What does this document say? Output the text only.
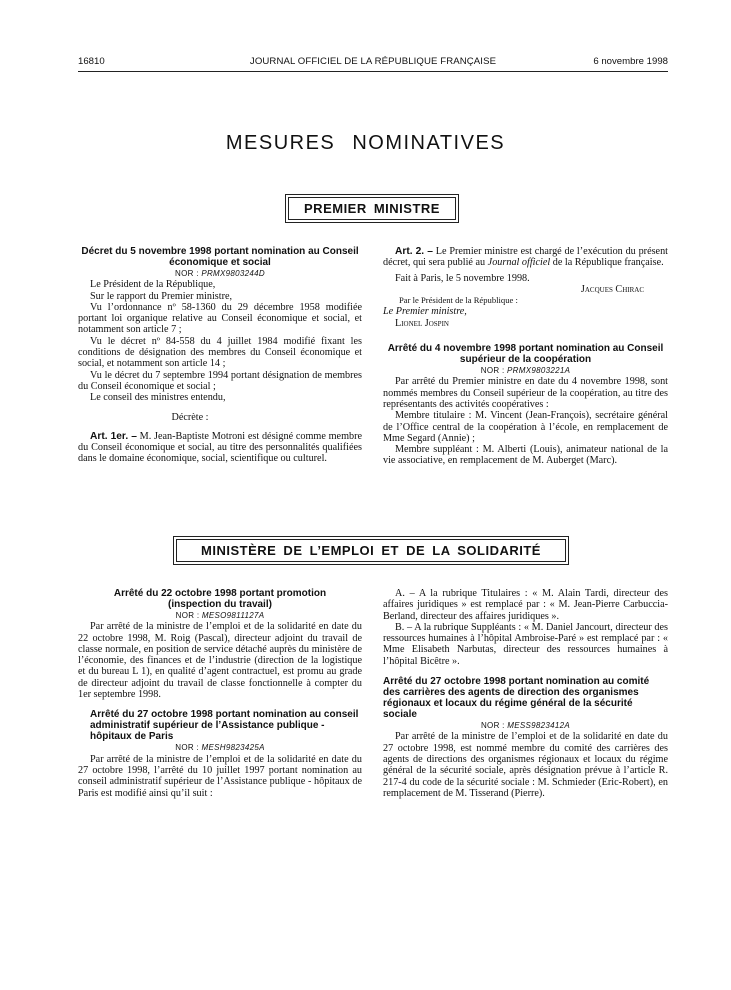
16810	JOURNAL OFFICIEL DE LA RÉPUBLIQUE FRANÇAISE	6 novembre 1998
MESURES NOMINATIVES
PREMIER MINISTRE

Décret du 5 novembre 1998 portant nomination au Conseil économique et social

NOR : PRMX9803244D

Le Président de la République,

Sur le rapport du Premier ministre,

Vu l’ordonnance nº 58-1360 du 29 décembre 1958 modifiée portant loi organique relative au Conseil économique et social, et notamment son article 7 ;

Vu le décret nº 84-558 du 4 juillet 1984 modifié fixant les conditions de désignation des membres du Conseil économique et social, et notamment son article 14 ;

Vu le décret du 7 septembre 1994 portant désignation de membres du Conseil économique et social ;

Le conseil des ministres entendu,

Décrète :

Art. 1er. – M. Jean-Baptiste Motroni est désigné comme membre du Conseil économique et social, au titre des personnalités qualifiées dans le domaine économique, social, scientifique ou culturel.

Art. 2. – Le Premier ministre est chargé de l’exécution du présent décret, qui sera publié au Journal officiel de la République française.

Fait à Paris, le 5 novembre 1998.

Jacques Chirac

Par le Président de la République :

Le Premier ministre,

Lionel Jospin

Arrêté du 4 novembre 1998 portant nomination au Conseil supérieur de la coopération

NOR : PRMX9803221A

Par arrêté du Premier ministre en date du 4 novembre 1998, sont nommés membres du Conseil supérieur de la coopération, au titre des représentants des activités coopératives :

Membre titulaire : M. Vincent (Jean-François), secrétaire général de l’Office central de la coopération à l’école, en remplacement de Mme Segard (Annie) ;

Membre suppléant : M. Alberti (Louis), animateur national de la vie associative, en remplacement de M. Auberget (Marc).

MINISTÈRE DE L’EMPLOI ET DE LA SOLIDARITÉ

Arrêté du 22 octobre 1998 portant promotion (inspection du travail)

NOR : MESO9811127A

Par arrêté de la ministre de l’emploi et de la solidarité en date du 22 octobre 1998, M. Roig (Pascal), directeur adjoint du travail de classe normale, en position de service détaché auprès du ministère de l’économie, des finances et de l’industrie (direction de la logistique et du bureau L 1), en qualité d’agent contractuel, est promu au grade de directeur adjoint du travail de classe fonctionnelle à compter du 1er septembre 1998.

Arrêté du 27 octobre 1998 portant nomination au conseil administratif supérieur de l’Assistance publique - hôpitaux de Paris

NOR : MESH9823425A

Par arrêté de la ministre de l’emploi et de la solidarité en date du 27 octobre 1998, l’arrêté du 10 juillet 1997 portant nomination au conseil administratif supérieur de l’Assistance publique - hôpitaux de Paris est modifié ainsi qu’il suit :

A. – A la rubrique Titulaires : « M. Alain Tardi, directeur des affaires juridiques » est remplacé par : « M. Jean-Pierre Carbuccia-Berland, directeur des affaires juridiques ».

B. – A la rubrique Suppléants : « M. Daniel Jancourt, directeur des ressources humaines à l’hôpital Ambroise-Paré » est remplacé par : « Mme Elisabeth Narbutas, directeur des ressources humaines à l’hôpital Bicêtre ».

Arrêté du 27 octobre 1998 portant nomination au comité des carrières des agents de direction des organismes régionaux et locaux du régime général de la sécurité sociale

NOR : MESS9823412A

Par arrêté de la ministre de l’emploi et de la solidarité en date du 27 octobre 1998, est nommé membre du comité des carrières des agents de directions des organismes régionaux et locaux du régime général de la sécurité sociale, après désignation prévue à l’article R. 217-4 du code de la sécurité sociale : M. Schmieder (Eric-Robert), en remplacement de M. Tisserand (Pierre).
